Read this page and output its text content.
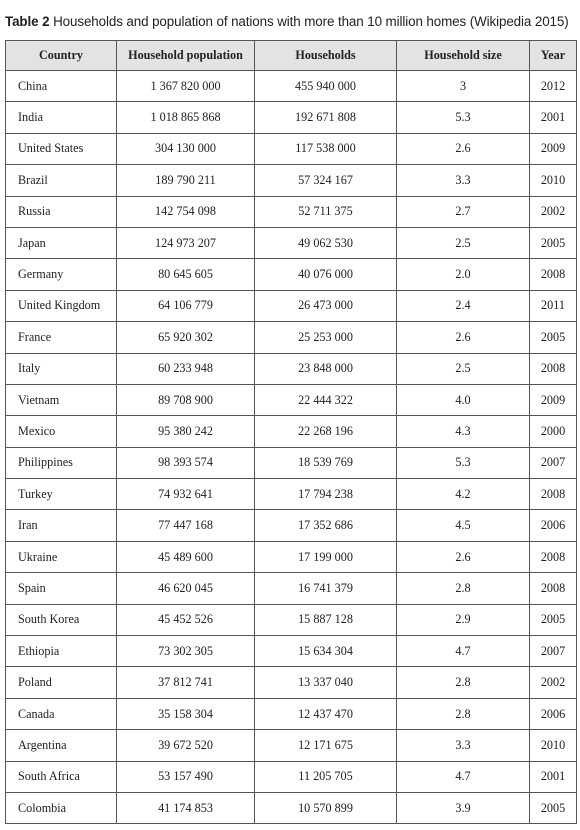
Table 2 Households and population of nations with more than 10 million homes (Wikipedia 2015)
Country	Household population	Households	Household size	Year
China	1 367 820 000	455 940 000	3	2012
India	1 018 865 868	192 671 808	5.3	2001
United States	304 130 000	117 538 000	2.6	2009
Brazil	189 790 211	57 324 167	3.3	2010
Russia	142 754 098	52 711 375	2.7	2002
Japan	124 973 207	49 062 530	2.5	2005
Germany	80 645 605	40 076 000	2.0	2008
United Kingdom	64 106 779	26 473 000	2.4	2011
France	65 920 302	25 253 000	2.6	2005
Italy	60 233 948	23 848 000	2.5	2008
Vietnam	89 708 900	22 444 322	4.0	2009
Mexico	95 380 242	22 268 196	4.3	2000
Philippines	98 393 574	18 539 769	5.3	2007
Turkey	74 932 641	17 794 238	4.2	2008
Iran	77 447 168	17 352 686	4.5	2006
Ukraine	45 489 600	17 199 000	2.6	2008
Spain	46 620 045	16 741 379	2.8	2008
South Korea	45 452 526	15 887 128	2.9	2005
Ethiopia	73 302 305	15 634 304	4.7	2007
Poland	37 812 741	13 337 040	2.8	2002
Canada	35 158 304	12 437 470	2.8	2006
Argentina	39 672 520	12 171 675	3.3	2010
South Africa	53 157 490	11 205 705	4.7	2001
Colombia	41 174 853	10 570 899	3.9	2005
